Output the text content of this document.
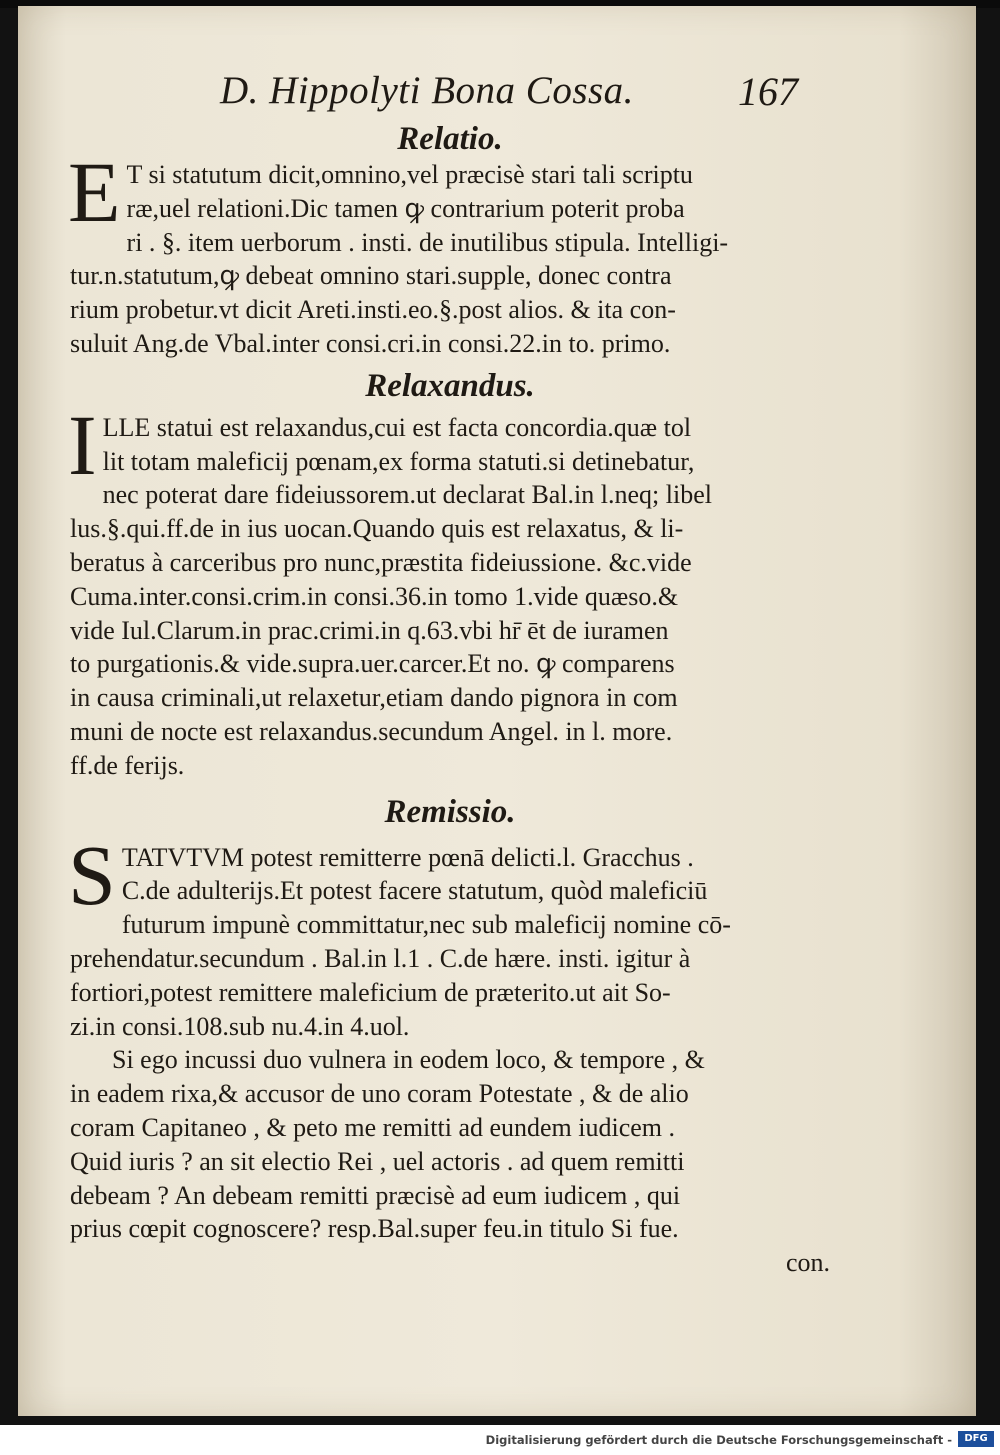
D. Hippolyti Bona Cossa.	167
Relatio.
E T si statutum dicit,omnino,vel præcisè stari tali scriptu
ræ,uel relationi.Dic tamen ꝙ contrarium poterit proba
ri . §. item uerborum . insti. de inutilibus stipula. Intelligi-
tur.n.statutum,ꝙ debeat omnino stari.supple, donec contra
rium probetur.vt dicit Areti.insti.eo.§.post alios. & ita con-
suluit Ang.de Vbal.inter consi.cri.in consi.22.in to. primo.
Relaxandus.
I LLE statui est relaxandus,cui est facta concordia.quæ tol
lit totam maleficij pœnam,ex forma statuti.si detinebatur,
nec poterat dare fideiussorem.ut declarat Bal.in l.neq; libel
lus.§.qui.ff.de in ius uocan.Quando quis est relaxatus, & li-
beratus à carceribus pro nunc,præstita fideiussione. &c.vide
Cuma.inter.consi.crim.in consi.36.in tomo 1.vide quæso.&
vide Iul.Clarum.in prac.crimi.in q.63.vbi hr̄ ēt de iuramen
to purgationis.& vide.supra.uer.carcer.Et no. ꝙ comparens
in causa criminali,ut relaxetur,etiam dando pignora in com
muni de nocte est relaxandus.secundum Angel. in l. more.
ff.de ferijs.
Remissio.
S TATVTVM potest remitterre pœnā delicti.l. Gracchus .
C.de adulterijs.Et potest facere statutum, quòd maleficiū
futurum impunè committatur,nec sub maleficij nomine cō-
prehendatur.secundum . Bal.in l.1 . C.de hære. insti. igitur à
fortiori,potest remittere maleficium de præterito.ut ait So-
zi.in consi.108.sub nu.4.in 4.uol.
Si ego incussi duo vulnera in eodem loco, & tempore , &
in eadem rixa,& accusor de uno coram Potestate , & de alio
coram Capitaneo , & peto me remitti ad eundem iudicem .
Quid iuris ? an sit electio Rei , uel actoris . ad quem remitti
debeam ? An debeam remitti præcisè ad eum iudicem , qui
prius cœpit cognoscere? resp.Bal.super feu.in titulo Si fue.
con.
Digitalisierung gefördert durch die Deutsche Forschungsgemeinschaft -	DFG
